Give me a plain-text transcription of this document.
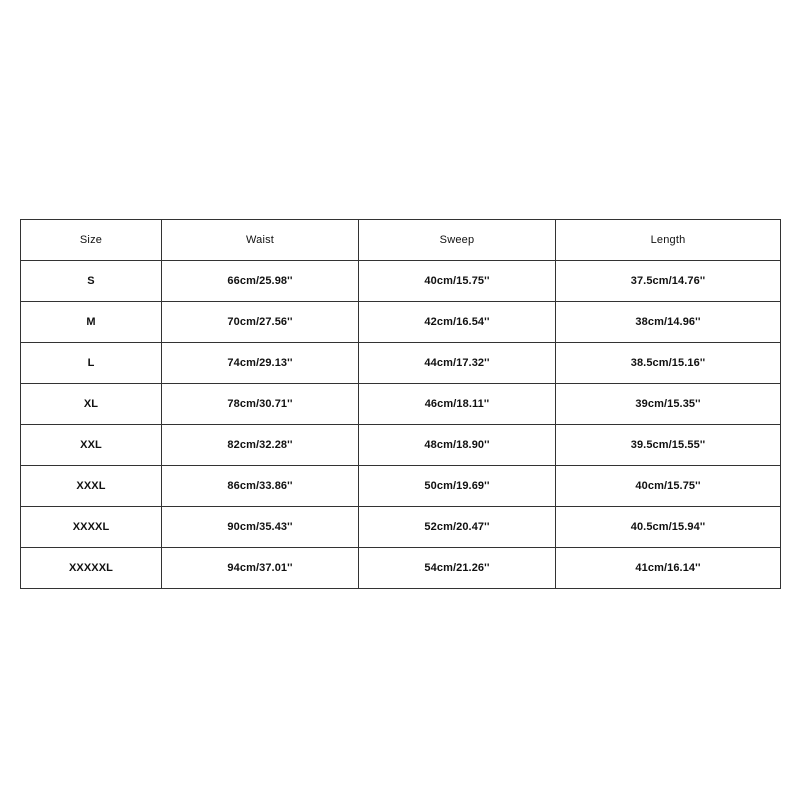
Size	Waist	Sweep	Length
S	66cm/25.98''	40cm/15.75''	37.5cm/14.76''
M	70cm/27.56''	42cm/16.54''	38cm/14.96''
L	74cm/29.13''	44cm/17.32''	38.5cm/15.16''
XL	78cm/30.71''	46cm/18.11''	39cm/15.35''
XXL	82cm/32.28''	48cm/18.90''	39.5cm/15.55''
XXXL	86cm/33.86''	50cm/19.69''	40cm/15.75''
XXXXL	90cm/35.43''	52cm/20.47''	40.5cm/15.94''
XXXXXL	94cm/37.01''	54cm/21.26''	41cm/16.14''
